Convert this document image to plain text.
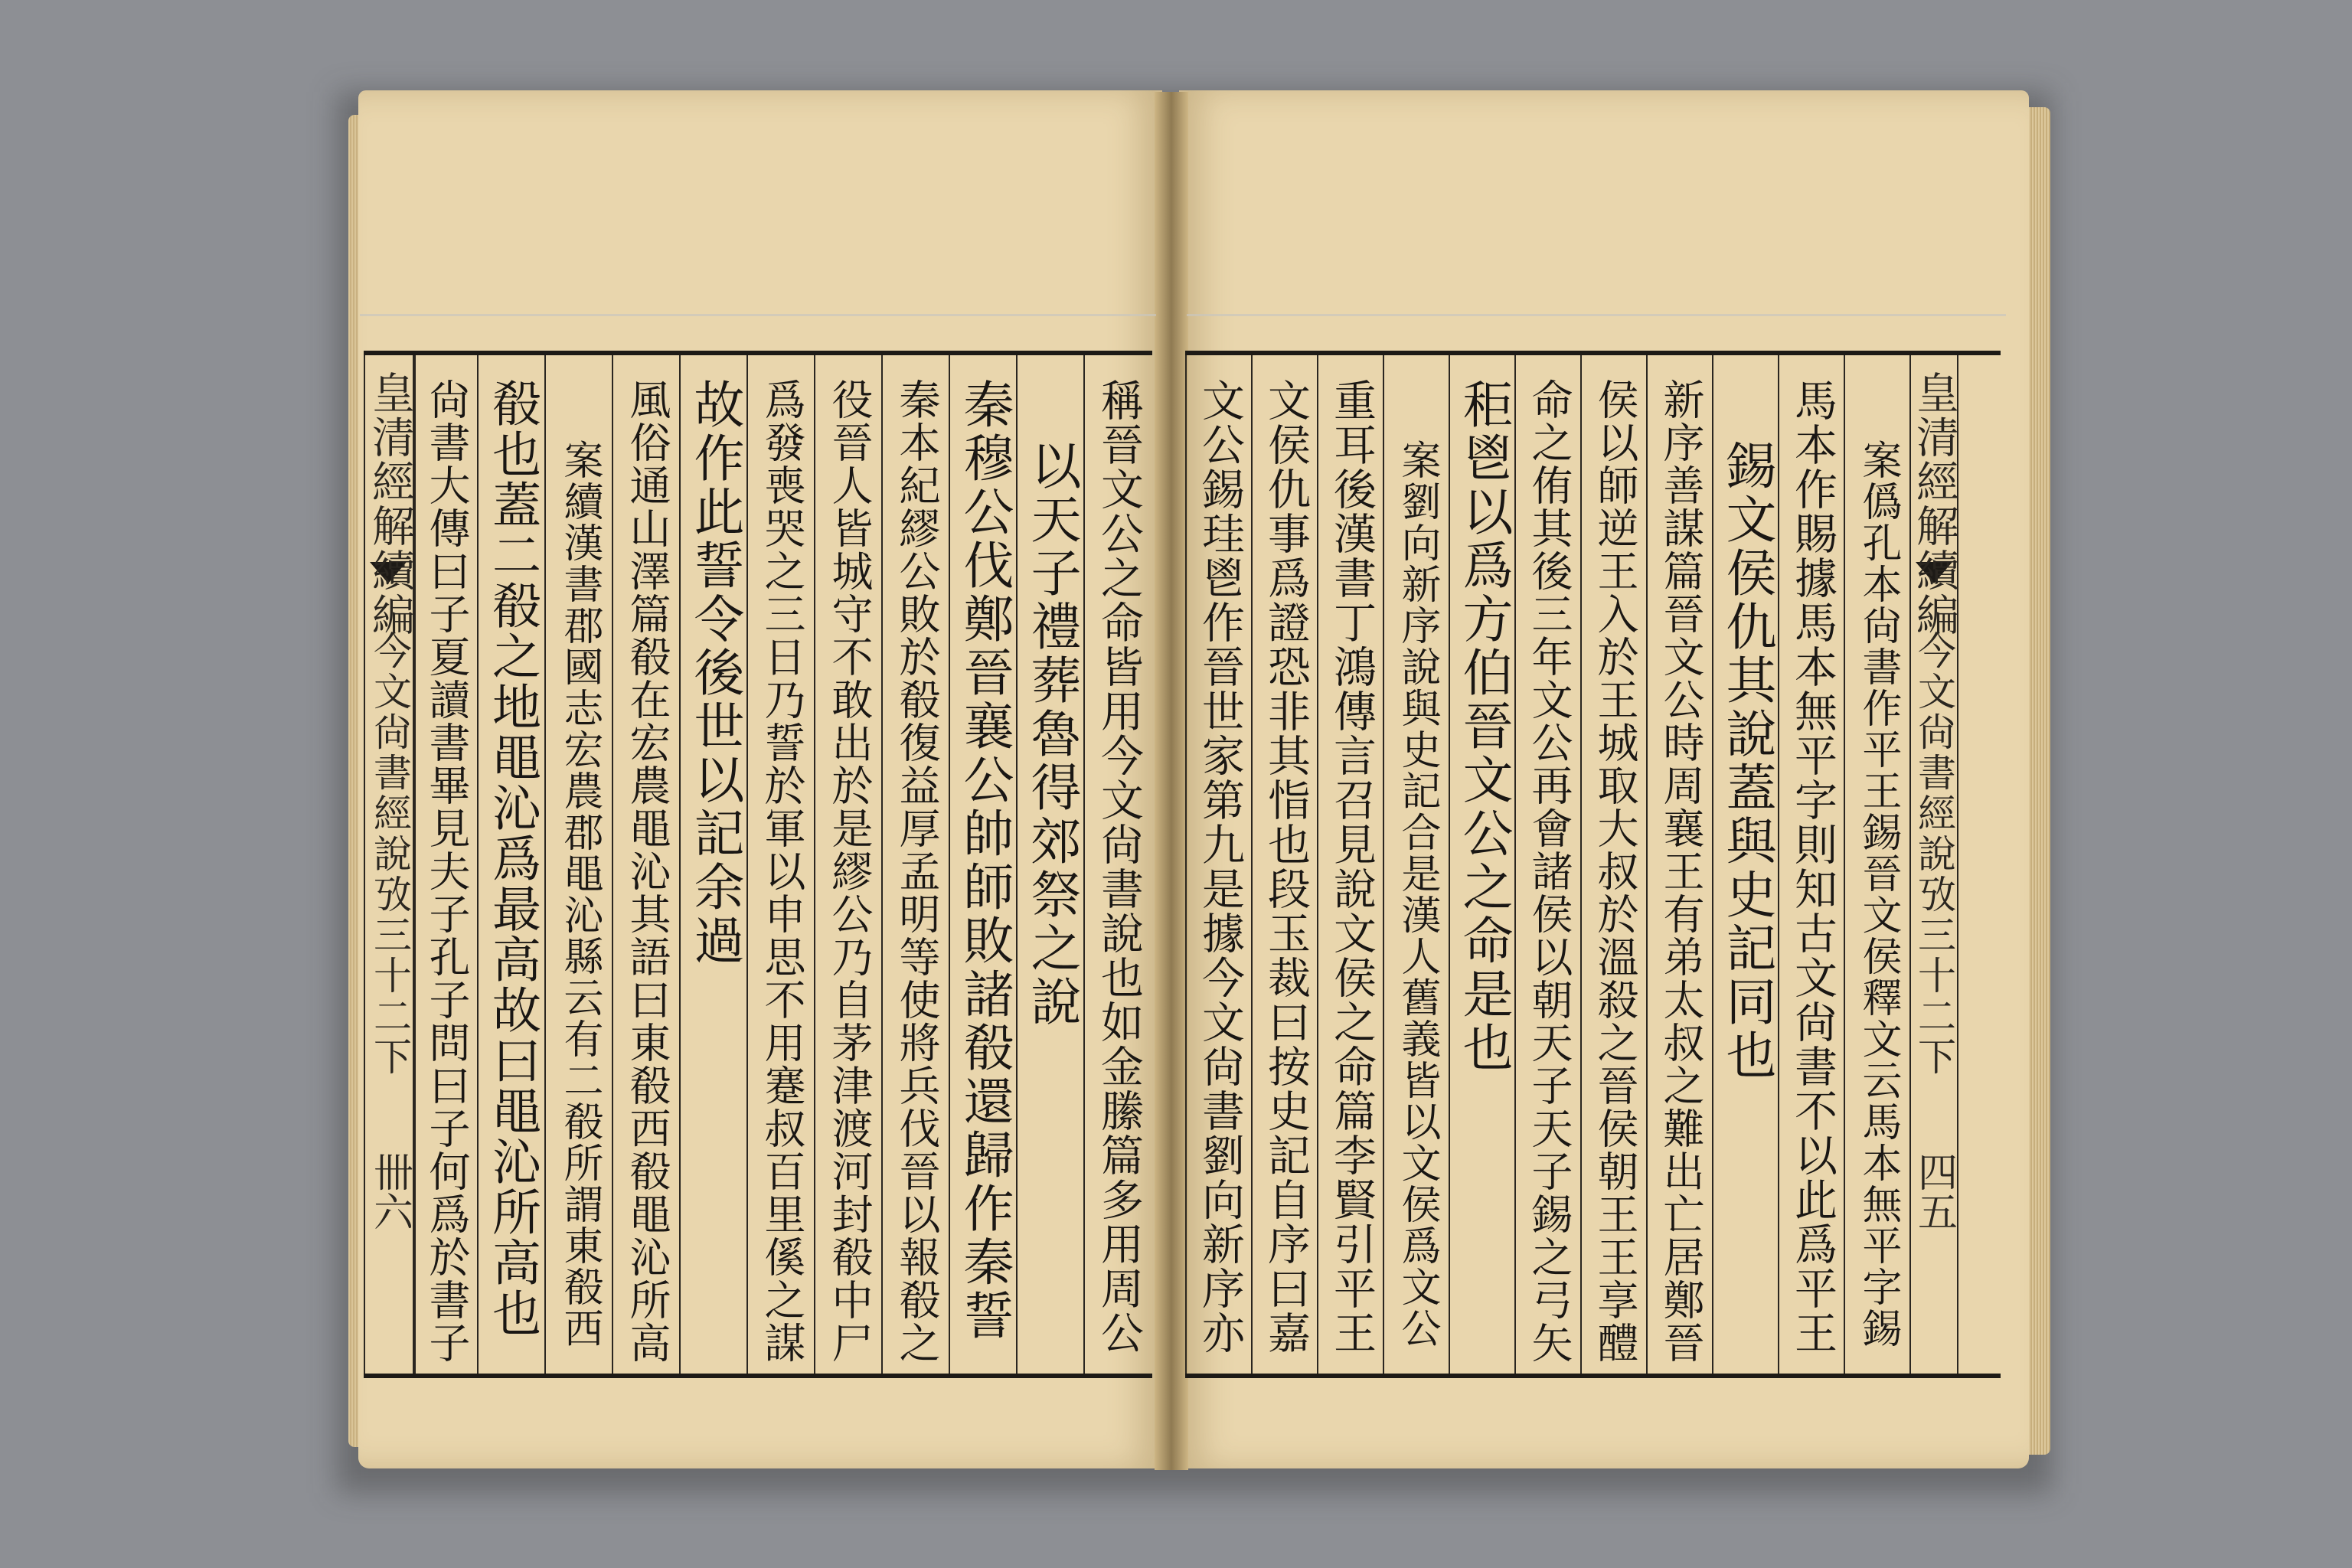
皇清經解續編
今文尙書經說攷三十二下
卌六	稱晉文公之命皆用今文尙書說也如金縢篇多用周公
以天子禮葬魯得郊祭之說
秦穆公伐鄭晉襄公帥師敗諸殽還歸作秦誓
秦本紀繆公敗於殽復益厚孟明等使將兵伐晉以報殽之
役晉人皆城守不敢出於是繆公乃自茅津渡河封殽中尸
爲發喪哭之三日乃誓於軍以申思不用蹇叔百里傒之謀
故作此誓令後世以記余過
風俗通山澤篇殽在宏農黽沁其語曰東殽西殽黽沁所高
案續漢書郡國志宏農郡黽沁縣云有二殽所謂東殽西
殽也蓋二殽之地黽沁爲最高故曰黽沁所高也
尙書大傳曰子夏讀書畢見夫子孔子問曰子何爲於書子	文公錫珪鬯作晉世家第九是據今文尙書劉向新序亦 文侯仇事爲證恐非其恉也段玉裁曰按史記自序曰嘉 重耳後漢書丁鴻傳言召見說文侯之命篇李賢引平王 案劉向新序說與史記合是漢人舊義皆以文侯爲文公 秬鬯以爲方伯晉文公之命是也 命之侑其後三年文公再會諸侯以朝天子天子錫之弓矢 侯以師逆王入於王城取大叔於溫殺之晉侯朝王王享醴 新序善謀篇晉文公時周襄王有弟太叔之難出亡居鄭晉 錫文侯仇其說蓋與史記同也 馬本作賜據馬本無平字則知古文尙書不以此爲平王 案僞孔本尙書作平王錫晉文侯釋文云馬本無平字錫 皇清經解續編
今文尙書經說攷三十二下
四五
